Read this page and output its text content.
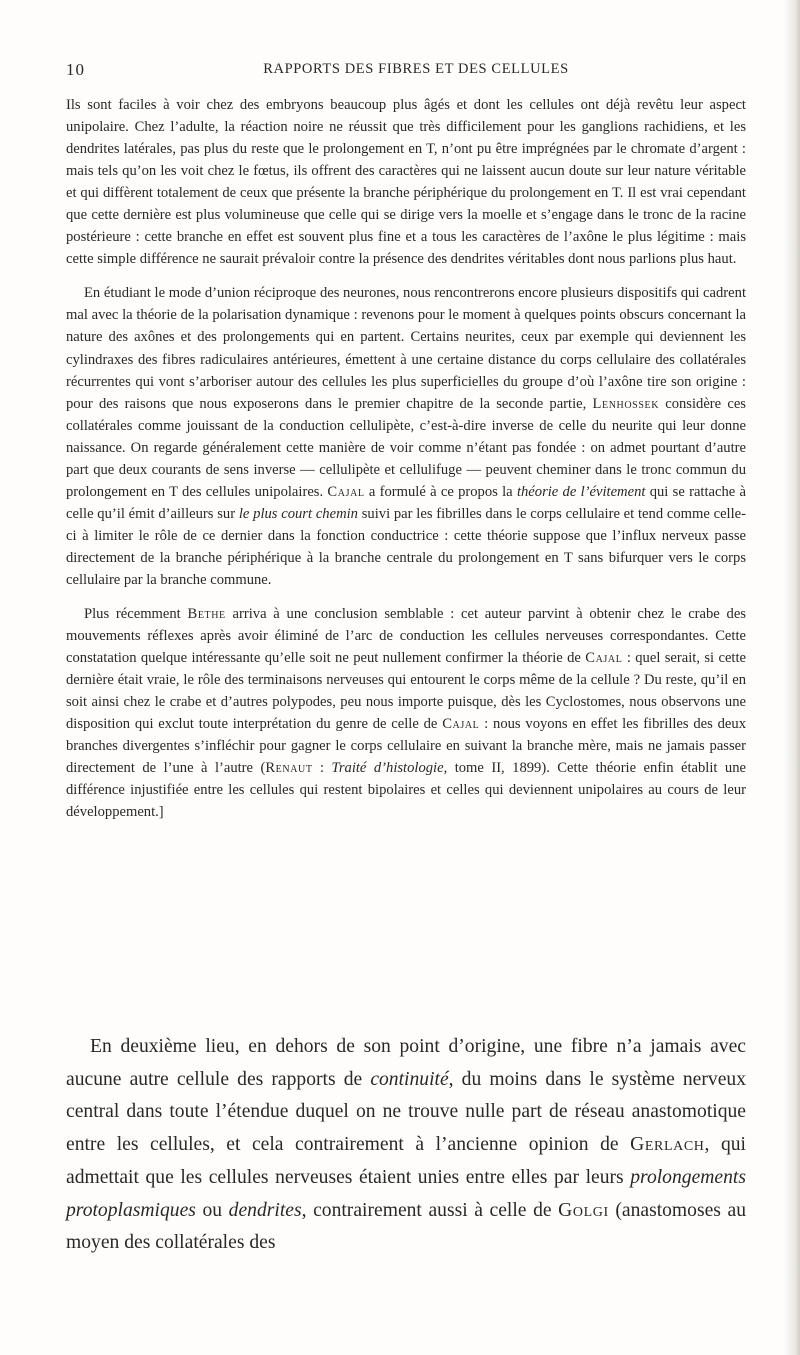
10	RAPPORTS DES FIBRES ET DES CELLULES

Ils sont faciles à voir chez des embryons beaucoup plus âgés et dont les cellules ont déjà revêtu leur aspect unipolaire. Chez l’adulte, la réaction noire ne réussit que très difficilement pour les ganglions rachidiens, et les dendrites latérales, pas plus du reste que le prolongement en T, n’ont pu être imprégnées par le chromate d’argent : mais tels qu’on les voit chez le fœtus, ils offrent des caractères qui ne laissent aucun doute sur leur nature véritable et qui diffèrent totalement de ceux que présente la branche périphérique du prolongement en T. Il est vrai cependant que cette dernière est plus volumineuse que celle qui se dirige vers la moelle et s’engage dans le tronc de la racine postérieure : cette branche en effet est souvent plus fine et a tous les caractères de l’axône le plus légitime : mais cette simple différence ne saurait prévaloir contre la présence des dendrites véritables dont nous parlions plus haut.

En étudiant le mode d’union réciproque des neurones, nous rencontrerons encore plusieurs dispositifs qui cadrent mal avec la théorie de la polarisation dynamique : revenons pour le moment à quelques points obscurs concernant la nature des axônes et des prolongements qui en partent. Certains neurites, ceux par exemple qui deviennent les cylindraxes des fibres radiculaires antérieures, émettent à une certaine distance du corps cellulaire des collatérales récurrentes qui vont s’arboriser autour des cellules les plus superficielles du groupe d’où l’axône tire son origine : pour des raisons que nous exposerons dans le premier chapitre de la seconde partie, Lenhossek considère ces collatérales comme jouissant de la conduction cellulipète, c’est-à-dire inverse de celle du neurite qui leur donne naissance. On regarde généralement cette manière de voir comme n’étant pas fondée : on admet pourtant d’autre part que deux courants de sens inverse — cellulipète et cellulifuge — peuvent cheminer dans le tronc commun du prolongement en T des cellules unipolaires. Cajal a formulé à ce propos la théorie de l’évitement qui se rattache à celle qu’il émit d’ailleurs sur le plus court chemin suivi par les fibrilles dans le corps cellulaire et tend comme celle-ci à limiter le rôle de ce dernier dans la fonction conductrice : cette théorie suppose que l’influx nerveux passe directement de la branche périphérique à la branche centrale du prolongement en T sans bifurquer vers le corps cellulaire par la branche commune.

Plus récemment Bethe arriva à une conclusion semblable : cet auteur parvint à obtenir chez le crabe des mouvements réflexes après avoir éliminé de l’arc de conduction les cellules nerveuses correspondantes. Cette constatation quelque intéressante qu’elle soit ne peut nullement confirmer la théorie de Cajal : quel serait, si cette dernière était vraie, le rôle des terminaisons nerveuses qui entourent le corps même de la cellule ? Du reste, qu’il en soit ainsi chez le crabe et d’autres polypodes, peu nous importe puisque, dès les Cyclostomes, nous observons une disposition qui exclut toute interprétation du genre de celle de Cajal : nous voyons en effet les fibrilles des deux branches divergentes s’infléchir pour gagner le corps cellulaire en suivant la branche mère, mais ne jamais passer directement de l’une à l’autre (Renaut : Traité d’histologie, tome II, 1899). Cette théorie enfin établit une différence injustifiée entre les cellules qui restent bipolaires et celles qui deviennent unipolaires au cours de leur développement.]

En deuxième lieu, en dehors de son point d’origine, une fibre n’a jamais avec aucune autre cellule des rapports de continuité, du moins dans le système nerveux central dans toute l’étendue duquel on ne trouve nulle part de réseau anastomotique entre les cellules, et cela contrairement à l’ancienne opinion de Gerlach, qui admettait que les cellules nerveuses étaient unies entre elles par leurs prolongements protoplasmiques ou dendrites, contrairement aussi à celle de Golgi (anastomoses au moyen des collatérales des
